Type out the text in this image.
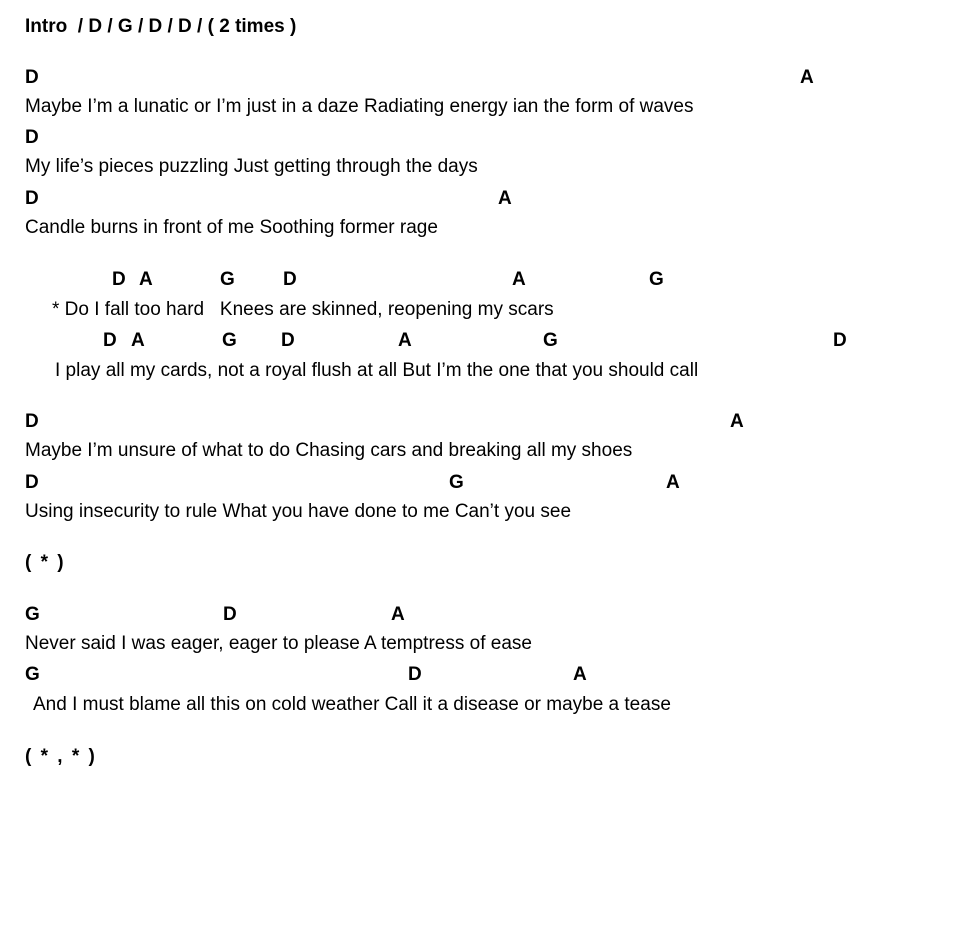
Intro  / D / G / D / D / ( 2 times )

D	A
Maybe I’m a lunatic or I’m just in a daze Radiating energy ian the form of waves
D
My life’s pieces puzzling Just getting through the days
D	A
Candle burns in front of me Soothing former rage
D A	G	D	A	G
* Do I fall too hard   Knees are skinned, reopening my scars
D A	G D	A	G	D
I play all my cards, not a royal flush at all But I’m the one that you should call
D	A
Maybe I’m unsure of what to do Chasing cars and breaking all my shoes
D	G	A
Using insecurity to rule What you have done to me Can’t you see
( * )
G	D	A
Never said I was eager, eager to please A temptress of ease
G	D	A
And I must blame all this on cold weather Call it a disease or maybe a tease
( * , * )
